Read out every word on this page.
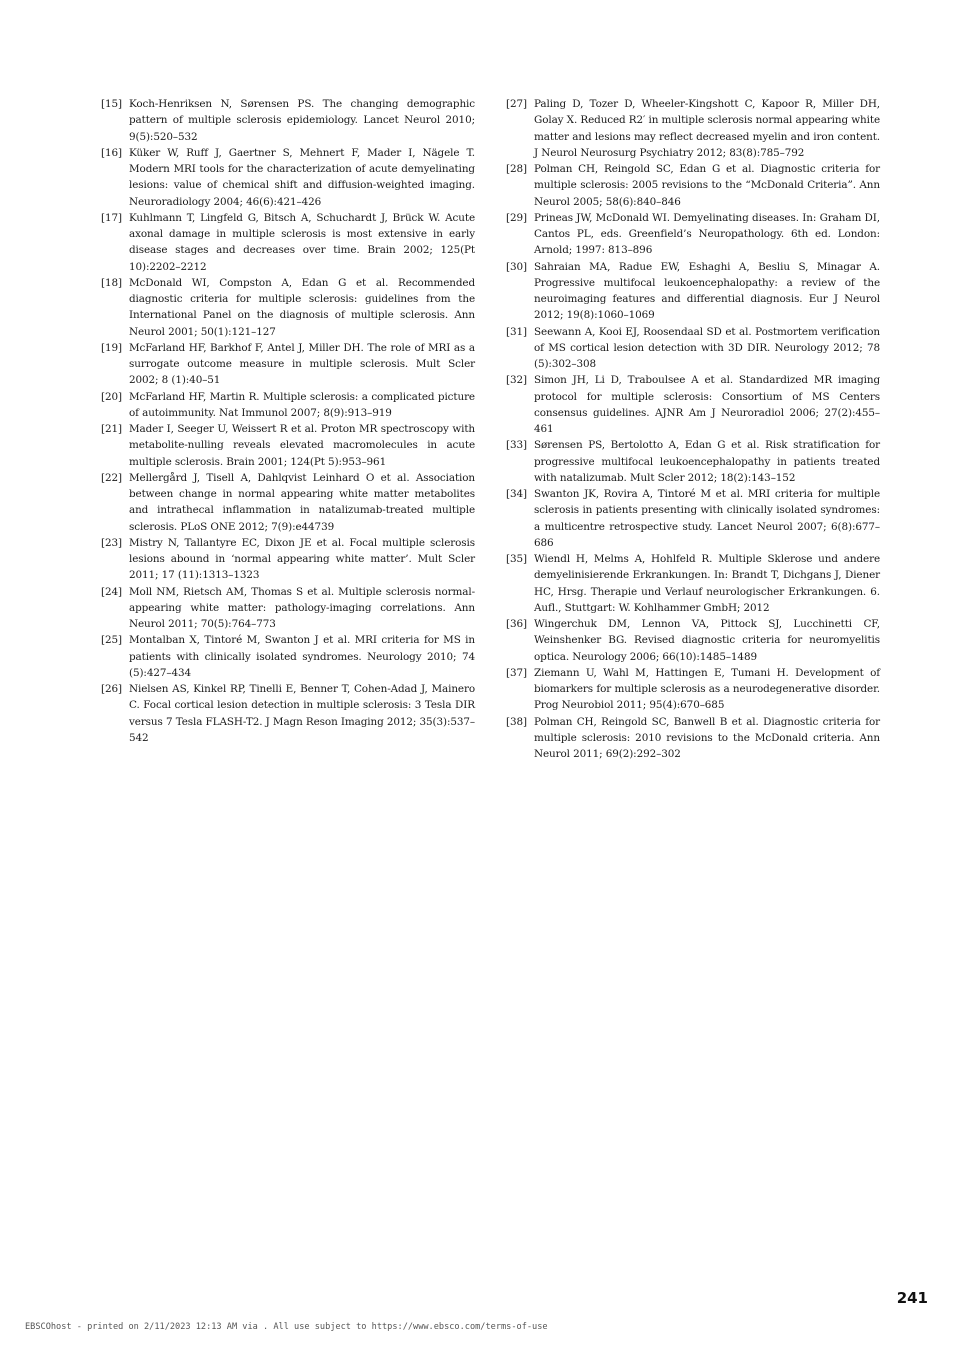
[15] Koch-Henriksen N, Sørensen PS. The changing demographic pattern of multiple sclerosis epidemiology. Lancet Neurol 2010; 9(5):520–532
[16] Küker W, Ruff J, Gaertner S, Mehnert F, Mader I, Nägele T. Modern MRI tools for the characterization of acute demyelinating lesions: value of chemical shift and diffusion-weighted imaging. Neuroradiology 2004; 46(6):421–426
[17] Kuhlmann T, Lingfeld G, Bitsch A, Schuchardt J, Brück W. Acute axonal damage in multiple sclerosis is most extensive in early disease stages and decreases over time. Brain 2002; 125(Pt 10):2202–2212
[18] McDonald WI, Compston A, Edan G et al. Recommended diagnostic criteria for multiple sclerosis: guidelines from the International Panel on the diagnosis of multiple sclerosis. Ann Neurol 2001; 50(1):121–127
[19] McFarland HF, Barkhof F, Antel J, Miller DH. The role of MRI as a surrogate outcome measure in multiple sclerosis. Mult Scler 2002; 8 (1):40–51
[20] McFarland HF, Martin R. Multiple sclerosis: a complicated picture of autoimmunity. Nat Immunol 2007; 8(9):913–919
[21] Mader I, Seeger U, Weissert R et al. Proton MR spectroscopy with metabolite-nulling reveals elevated macromolecules in acute multiple sclerosis. Brain 2001; 124(Pt 5):953–961
[22] Mellergård J, Tisell A, Dahlqvist Leinhard O et al. Association between change in normal appearing white matter metabolites and intrathecal inflammation in natalizumab-treated multiple sclerosis. PLoS ONE 2012; 7(9):e44739
[23] Mistry N, Tallantyre EC, Dixon JE et al. Focal multiple sclerosis lesions abound in ‘normal appearing white matter’. Mult Scler 2011; 17 (11):1313–1323
[24] Moll NM, Rietsch AM, Thomas S et al. Multiple sclerosis normal-appearing white matter: pathology-imaging correlations. Ann Neurol 2011; 70(5):764–773
[25] Montalban X, Tintoré M, Swanton J et al. MRI criteria for MS in patients with clinically isolated syndromes. Neurology 2010; 74 (5):427–434
[26] Nielsen AS, Kinkel RP, Tinelli E, Benner T, Cohen-Adad J, Mainero C. Focal cortical lesion detection in multiple sclerosis: 3 Tesla DIR versus 7 Tesla FLASH-T2. J Magn Reson Imaging 2012; 35(3):537–542
[27] Paling D, Tozer D, Wheeler-Kingshott C, Kapoor R, Miller DH, Golay X. Reduced R2′ in multiple sclerosis normal appearing white matter and lesions may reflect decreased myelin and iron content. J Neurol Neurosurg Psychiatry 2012; 83(8):785–792
[28] Polman CH, Reingold SC, Edan G et al. Diagnostic criteria for multiple sclerosis: 2005 revisions to the “McDonald Criteria”. Ann Neurol 2005; 58(6):840–846
[29] Prineas JW, McDonald WI. Demyelinating diseases. In: Graham DI, Cantos PL, eds. Greenfield’s Neuropathology. 6th ed. London: Arnold; 1997: 813–896
[30] Sahraian MA, Radue EW, Eshaghi A, Besliu S, Minagar A. Progressive multifocal leukoencephalopathy: a review of the neuroimaging features and differential diagnosis. Eur J Neurol 2012; 19(8):1060–1069
[31] Seewann A, Kooi EJ, Roosendaal SD et al. Postmortem verification of MS cortical lesion detection with 3D DIR. Neurology 2012; 78 (5):302–308
[32] Simon JH, Li D, Traboulsee A et al. Standardized MR imaging protocol for multiple sclerosis: Consortium of MS Centers consensus guidelines. AJNR Am J Neuroradiol 2006; 27(2):455–461
[33] Sørensen PS, Bertolotto A, Edan G et al. Risk stratification for progressive multifocal leukoencephalopathy in patients treated with natalizumab. Mult Scler 2012; 18(2):143–152
[34] Swanton JK, Rovira A, Tintoré M et al. MRI criteria for multiple sclerosis in patients presenting with clinically isolated syndromes: a multicentre retrospective study. Lancet Neurol 2007; 6(8):677–686
[35] Wiendl H, Melms A, Hohlfeld R. Multiple Sklerose und andere demyelinisierende Erkrankungen. In: Brandt T, Dichgans J, Diener HC, Hrsg. Therapie und Verlauf neurologischer Erkrankungen. 6. Aufl., Stuttgart: W. Kohlhammer GmbH; 2012
[36] Wingerchuk DM, Lennon VA, Pittock SJ, Lucchinetti CF, Weinshenker BG. Revised diagnostic criteria for neuromyelitis optica. Neurology 2006; 66(10):1485–1489
[37] Ziemann U, Wahl M, Hattingen E, Tumani H. Development of biomarkers for multiple sclerosis as a neurodegenerative disorder. Prog Neurobiol 2011; 95(4):670–685
[38] Polman CH, Reingold SC, Banwell B et al. Diagnostic criteria for multiple sclerosis: 2010 revisions to the McDonald criteria. Ann Neurol 2011; 69(2):292–302
241
EBSCOhost - printed on 2/11/2023 12:13 AM via . All use subject to https://www.ebsco.com/terms-of-use
